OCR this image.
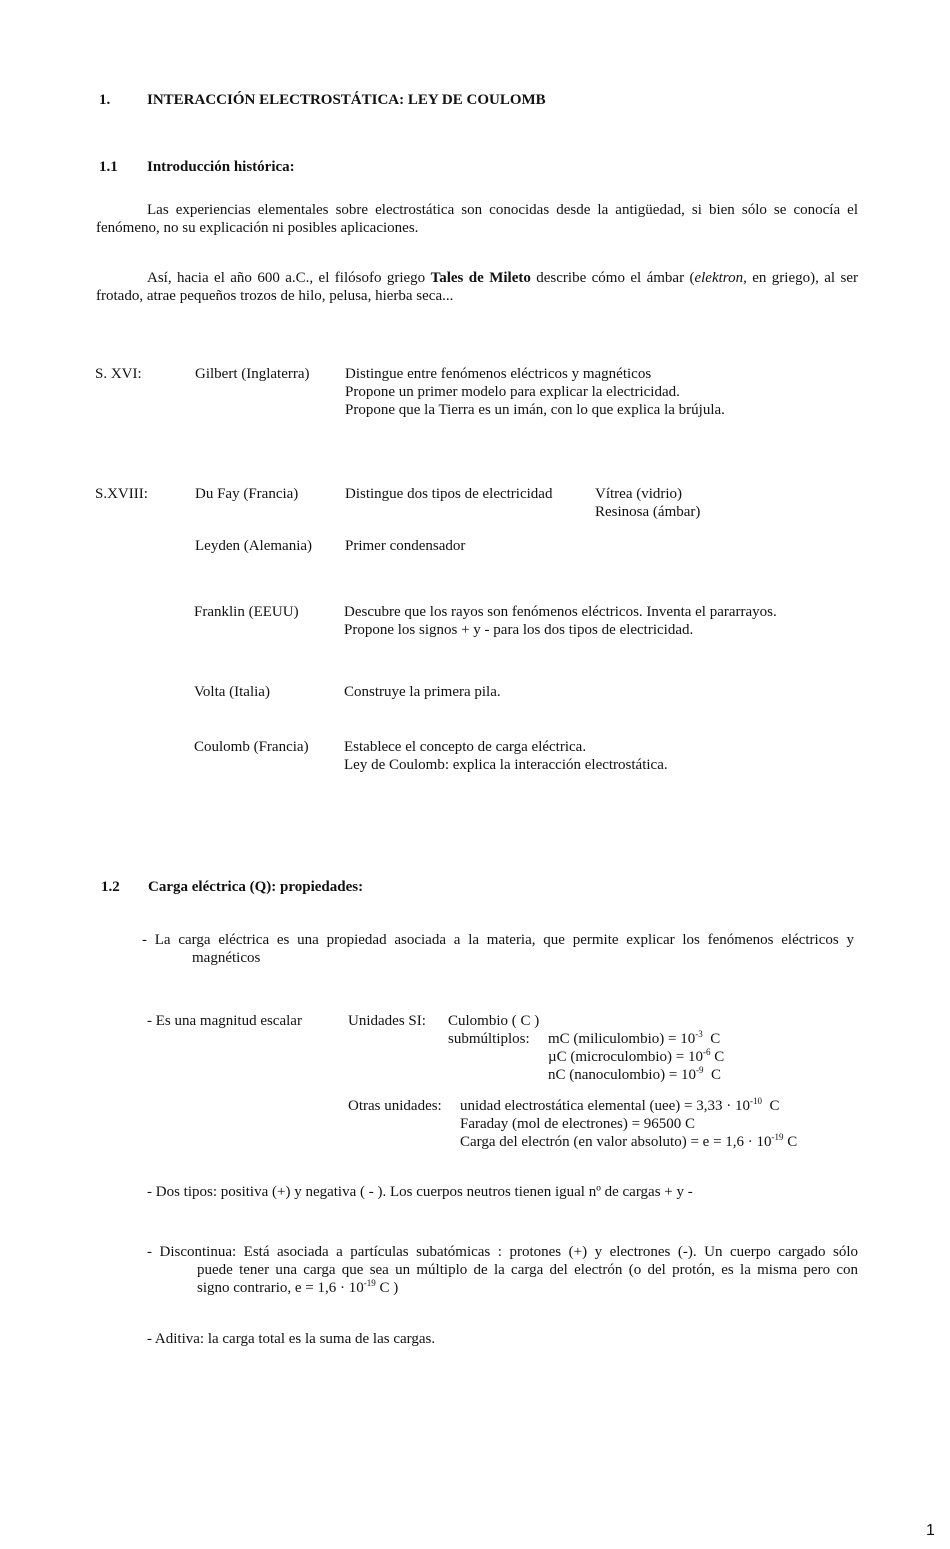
1. INTERACCIÓN ELECTROSTÁTICA: LEY DE COULOMB
1.1 Introducción histórica:
Las experiencias elementales sobre electrostática son conocidas desde la antigüedad, si bien sólo se conocía el
fenómeno, no su explicación ni posibles aplicaciones.
Así, hacia el año 600 a.C., el filósofo griego Tales de Mileto describe cómo el ámbar (elektron, en griego), al ser
frotado, atrae pequeños trozos de hilo, pelusa, hierba seca...
S. XVI:	Gilbert (Inglaterra) Distingue entre fenómenos eléctricos y magnéticos
Propone un primer modelo para explicar la electricidad.
Propone que la Tierra es un imán, con lo que explica la brújula.
S.XVIII:	Du Fay (Francia)	Distingue dos tipos de electricidad	Vítrea (vidrio)
Resinosa (ámbar)
Leyden (Alemania) Primer condensador
Franklin (EEUU)	Descubre que los rayos son fenómenos eléctricos. Inventa el pararrayos.
Propone los signos + y - para los dos tipos de electricidad.
Volta (Italia)	Construye la primera pila.
Coulomb (Francia) Establece el concepto de carga eléctrica.
Ley de Coulomb: explica la interacción electrostática.
1.2 Carga eléctrica (Q): propiedades:
- La carga eléctrica es una propiedad asociada a la materia, que permite explicar los fenómenos eléctricos y
magnéticos
- Es una magnitud escalar	Unidades SI: Culombio ( C )
submúltiplos: mC (miliculombio) = $10^{-3}$  C
µC (microculombio) = $10^{-6}$ C
nC (nanoculombio) = $10^{-9}$  C
Otras unidades: unidad electrostática elemental $(uee) = 3,33 \cdot 10^{-10}$  C
Faraday (mol de electrones) = 96500 C
Carga del electrón (en valor absoluto) = $e = 1,6 \cdot 10^{-19}$ C
- Dos tipos: positiva (+) y negativa ( - ). Los cuerpos neutros tienen igual nº de cargas + y -
- Discontinua: Está asociada a partículas subatómicas : protones (+) y electrones (-). Un cuerpo cargado sólo
puede tener una carga que sea un múltiplo de la carga del electrón (o del protón, es la misma pero con
signo contrario, $e = 1,6 \cdot 10^{-19}$ C )
- Aditiva: la carga total es la suma de las cargas.
1
